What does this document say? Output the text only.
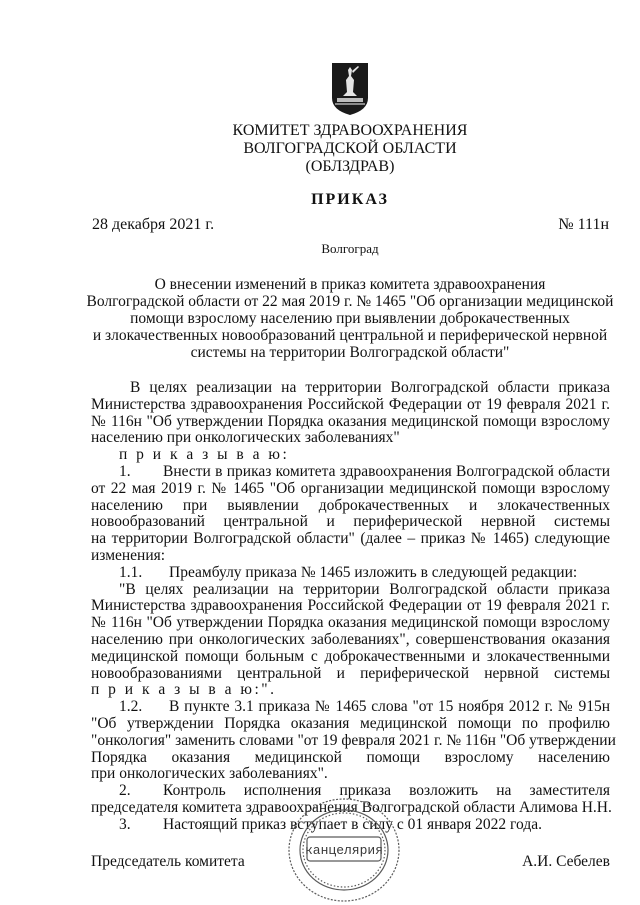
КОМИТЕТ ЗДРАВООХРАНЕНИЯ
ВОЛГОГРАДСКОЙ ОБЛАСТИ
(ОБЛЗДРАВ)
ПРИКАЗ
28 декабря 2021 г.	№ 111н
Волгоград
О внесении изменений в приказ комитета здравоохранения
Волгоградской области от 22 мая 2019 г. № 1465 "Об организации медицинской
помощи взрослому населению при выявлении доброкачественных
и злокачественных новообразований центральной и периферической нервной
системы на территории Волгоградской области"
В целях реализации на территории Волгоградской области приказа
Министерства здравоохранения Российской Федерации от 19 февраля 2021 г.
№ 116н "Об утверждении Порядка оказания медицинской помощи взрослому
населению при онкологических заболеваниях"
п р и к а з ы в а ю:
1. Внести в приказ комитета здравоохранения Волгоградской области
от 22 мая 2019 г. № 1465 "Об организации медицинской помощи взрослому
населению при выявлении доброкачественных и злокачественных
новообразований центральной и периферической нервной системы
на территории Волгоградской области" (далее – приказ № 1465) следующие
изменения:
1.1. Преамбулу приказа № 1465 изложить в следующей редакции:
"В целях реализации на территории Волгоградской области приказа
Министерства здравоохранения Российской Федерации от 19 февраля 2021 г.
№ 116н "Об утверждении Порядка оказания медицинской помощи взрослому
населению при онкологических заболеваниях", совершенствования оказания
медицинской помощи больным с доброкачественными и злокачественными
новообразованиями центральной и периферической нервной системы
п р и к а з ы в а ю:".
1.2. В пункте 3.1 приказа № 1465 слова "от 15 ноября 2012 г. № 915н
"Об утверждении Порядка оказания медицинской помощи по профилю
"онкология" заменить словами "от 19 февраля 2021 г. № 116н "Об утверждении
Порядка оказания медицинской помощи взрослому населению
при онкологических заболеваниях".
2. Контроль исполнения приказа возложить на заместителя
председателя комитета здравоохранения Волгоградской области Алимова Н.Н.
3. Настоящий приказ вступает в силу с 01 января 2022 года.
канцелярия
Председатель комитета	А.И. Себелев
